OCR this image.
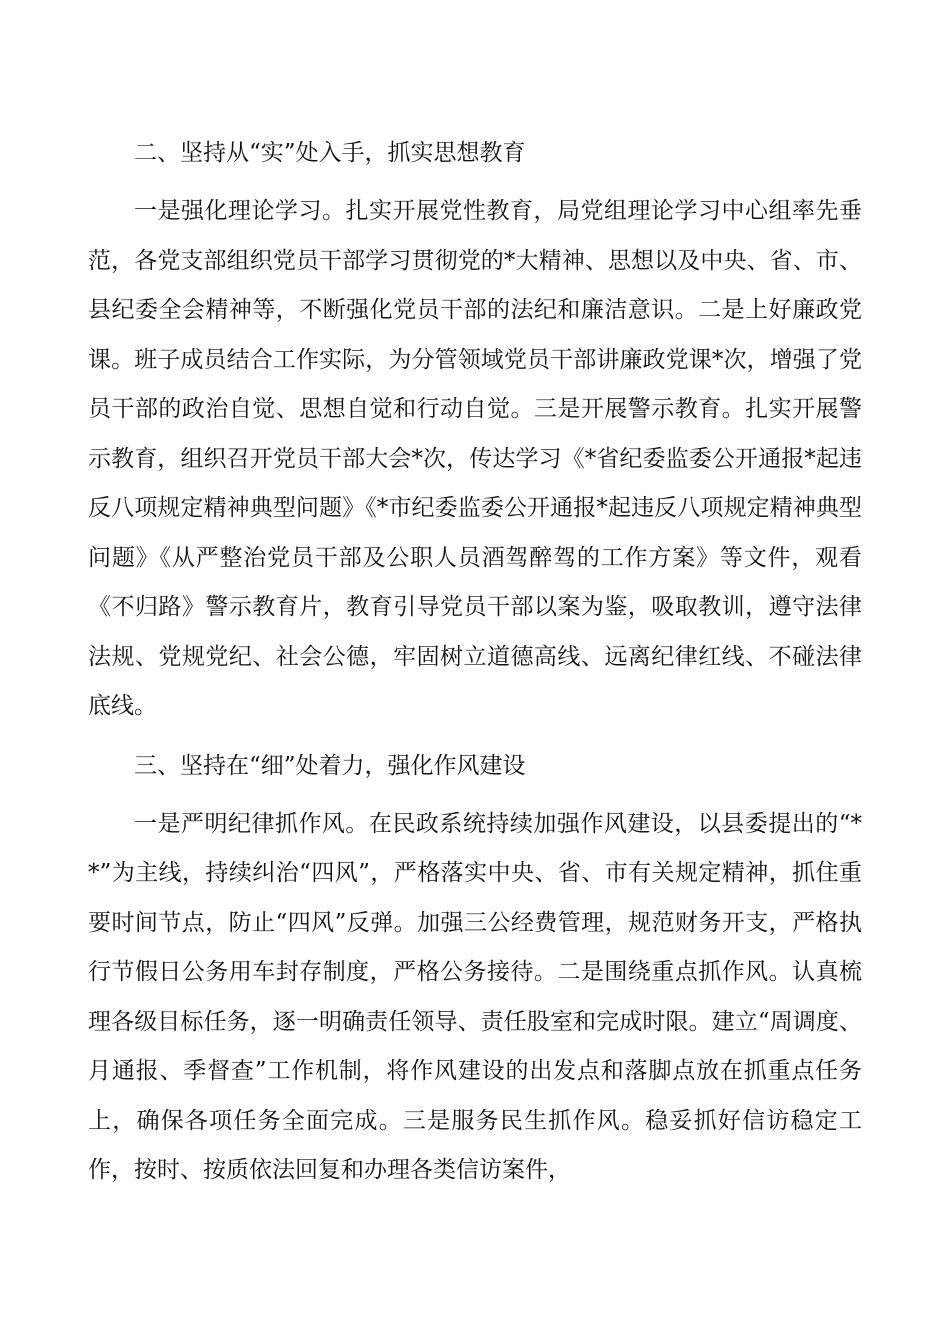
二、坚持从“实”处入手，抓实思想教育

一是强化理论学习。扎实开展党性教育，局党组理论学习中心组率先垂范，各党支部组织党员干部学习贯彻党的*大精神、思想以及中央、省、市、县纪委全会精神等，不断强化党员干部的法纪和廉洁意识。二是上好廉政党课。班子成员结合工作实际，为分管领域党员干部讲廉政党课*次，增强了党员干部的政治自觉、思想自觉和行动自觉。三是开展警示教育。扎实开展警示教育，组织召开党员干部大会*次，传达学习《*省纪委监委公开通报*起违反八项规定精神典型问题》《*市纪委监委公开通报*起违反八项规定精神典型问题》《从严整治党员干部及公职人员酒驾醉驾的工作方案》等文件，观看《不归路》警示教育片，教育引导党员干部以案为鉴，吸取教训，遵守法律法规、党规党纪、社会公德，牢固树立道德高线、远离纪律红线、不碰法律底线。

三、坚持在“细”处着力，强化作风建设

一是严明纪律抓作风。在民政系统持续加强作风建设，以县委提出的“**”为主线，持续纠治“四风”，严格落实中央、省、市有关规定精神，抓住重要时间节点，防止“四风”反弹。加强三公经费管理，规范财务开支，严格执行节假日公务用车封存制度，严格公务接待。二是围绕重点抓作风。认真梳理各级目标任务，逐一明确责任领导、责任股室和完成时限。建立“周调度、月通报、季督查”工作机制，将作风建设的出发点和落脚点放在抓重点任务上，确保各项任务全面完成。三是服务民生抓作风。稳妥抓好信访稳定工作，按时、按质依法回复和办理各类信访案件，
